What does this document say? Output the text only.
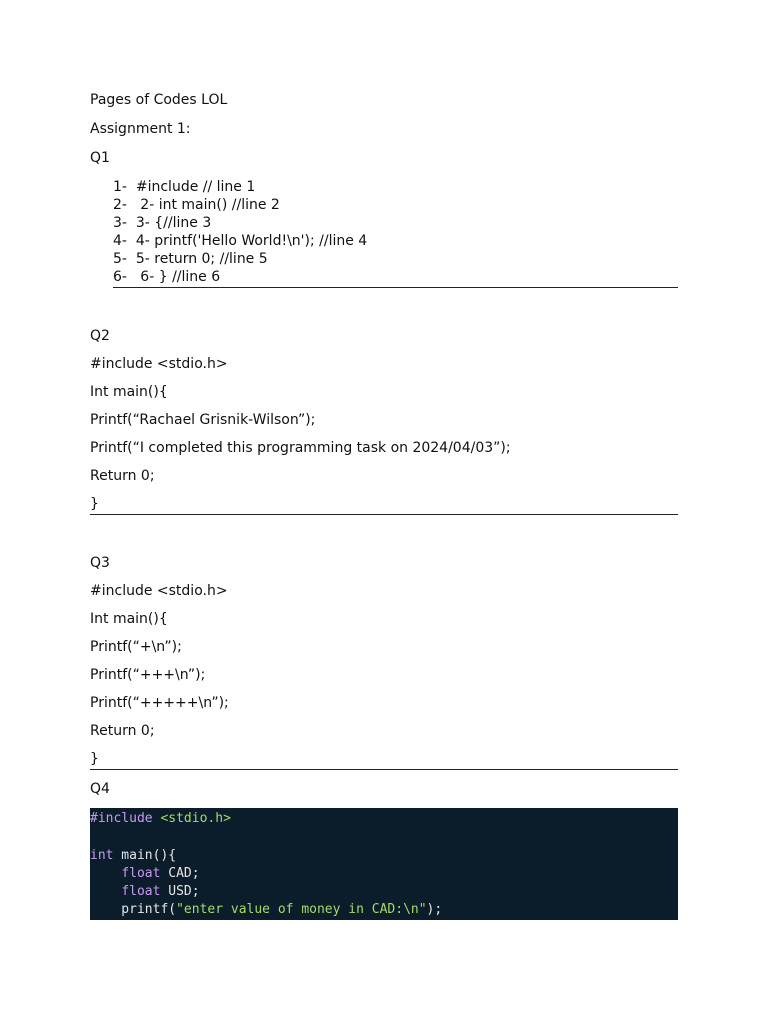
Pages of Codes LOL

Assignment 1:

Q1

1-  #include // line 1
2-   2- int main() //line 2
3-  3- {//line 3
4-  4- printf('Hello World!\n'); //line 4
5-  5- return 0; //line 5
6-   6- } //line 6

Q2

#include <stdio.h>

Int main(){

Printf(“Rachael Grisnik-Wilson”);

Printf(“I completed this programming task on 2024/04/03”);

Return 0;

}

Q3

#include <stdio.h>

Int main(){

Printf(“+\n”);

Printf(“+++\n”);

Printf(“+++++\n”);

Return 0;

}

Q4

#include <stdio.h>
int main(){
float CAD;
float USD;
printf("enter value of money in CAD:\n");
